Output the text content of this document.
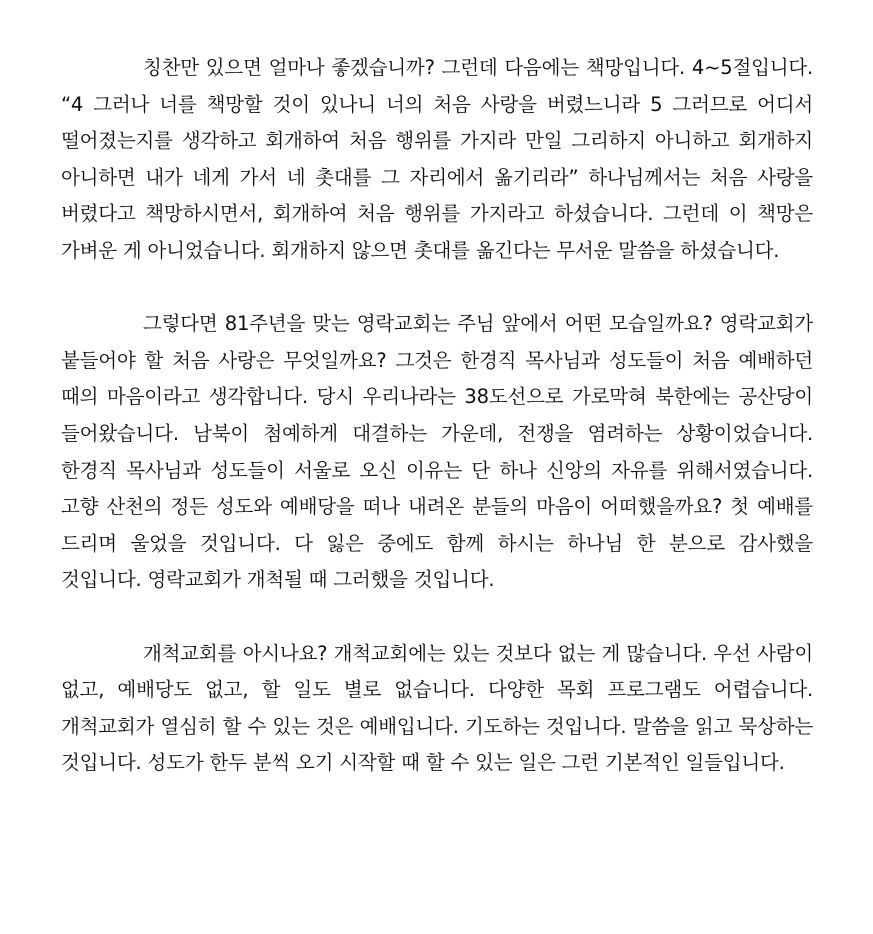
칭찬만 있으면 얼마나 좋겠습니까? 그런데 다음에는 책망입니다. 4~5절입니다. “4 그러나 너를 책망할 것이 있나니 너의 처음 사랑을 버렸느니라 5 그러므로 어디서 떨어졌는지를 생각하고 회개하여 처음 행위를 가지라 만일 그리하지 아니하고 회개하지 아니하면 내가 네게 가서 네 촛대를 그 자리에서 옮기리라” 하나님께서는 처음 사랑을 버렸다고 책망하시면서, 회개하여 처음 행위를 가지라고 하셨습니다. 그런데 이 책망은 가벼운 게 아니었습니다. 회개하지 않으면 촛대를 옮긴다는 무서운 말씀을 하셨습니다.

그렇다면 81주년을 맞는 영락교회는 주님 앞에서 어떤 모습일까요? 영락교회가 붙들어야 할 처음 사랑은 무엇일까요? 그것은 한경직 목사님과 성도들이 처음 예배하던 때의 마음이라고 생각합니다. 당시 우리나라는 38도선으로 가로막혀 북한에는 공산당이 들어왔습니다. 남북이 첨예하게 대결하는 가운데, 전쟁을 염려하는 상황이었습니다. 한경직 목사님과 성도들이 서울로 오신 이유는 단 하나 신앙의 자유를 위해서였습니다. 고향 산천의 정든 성도와 예배당을 떠나 내려온 분들의 마음이 어떠했을까요? 첫 예배를 드리며 울었을 것입니다. 다 잃은 중에도 함께 하시는 하나님 한 분으로 감사했을 것입니다. 영락교회가 개척될 때 그러했을 것입니다.

개척교회를 아시나요? 개척교회에는 있는 것보다 없는 게 많습니다. 우선 사람이 없고, 예배당도 없고, 할 일도 별로 없습니다. 다양한 목회 프로그램도 어렵습니다. 개척교회가 열심히 할 수 있는 것은 예배입니다. 기도하는 것입니다. 말씀을 읽고 묵상하는 것입니다. 성도가 한두 분씩 오기 시작할 때 할 수 있는 일은 그런 기본적인 일들입니다.
